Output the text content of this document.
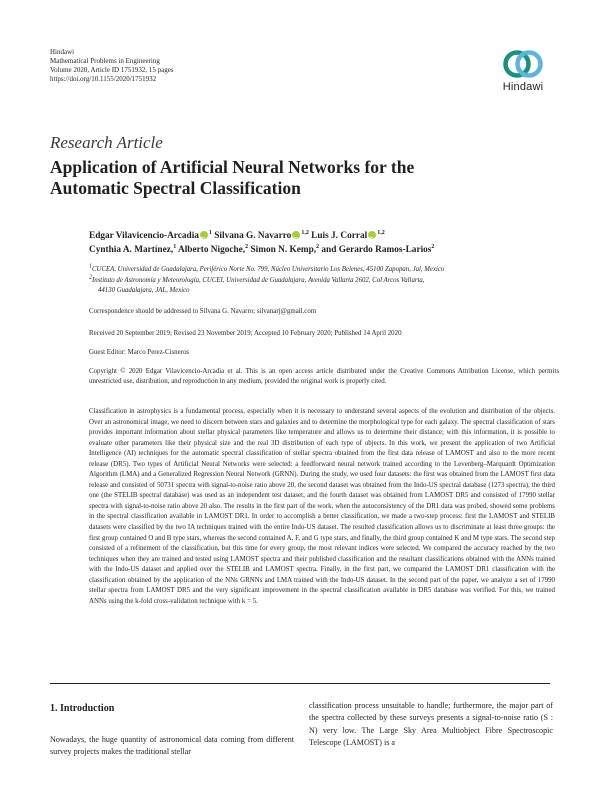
Hindawi
Mathematical Problems in Engineering
Volume 2020, Article ID 1751932, 15 pages
https://doi.org/10.1155/2020/1751932
Hindawi
Research Article
Application of Artificial Neural Networks for the Automatic Spectral Classification
Edgar Vilavicencio-Arcadia iD $^1$ Silvana G. Navarro iD $^{1,2}$ Luis J. Corral iD $^{1,2}$
Cynthia A. Martínez,$^1$ Alberto Nigoche,$^2$ Simon N. Kemp,$^2$ and Gerardo Ramos-Larios$^2$
$^1$CUCEA, Universidad de Guadalajara, Periférico Norte No. 799, Núcleo Universitario Los Belenes, 45100 Zapopan, Jal, Mexico
$^2$Instituto de Astronomía y Meteorología, CUCEI, Universidad de Guadalajara, Avenida Vallarta 2602, Col Arcos Vallarta,
44130 Guadalajara, JAL, Mexico
Correspondence should be addressed to Silvana G. Navarro; silvanarj@gmail.com
Received 20 September 2019; Revised 23 November 2019; Accepted 10 February 2020; Published 14 April 2020
Guest Editor: Marco Perez-Cisneros
Copyright © 2020 Edgar Vilavicencio-Arcadia et al. This is an open access article distributed under the Creative Commons Attribution License, which permits unrestricted use, distribution, and reproduction in any medium, provided the original work is properly cited.
Classification in astrophysics is a fundamental process, especially when it is necessary to understand several aspects of the evolution and distribution of the objects. Over an astronomical image, we need to discern between stars and galaxies and to determine the morphological type for each galaxy. The spectral classification of stars provides important information about stellar physical parameters like temperature and allows us to determine their distance; with this information, it is possible to evaluate other parameters like their physical size and the real 3D distribution of each type of objects. In this work, we present the application of two Artificial Intelligence (AI) techniques for the automatic spectral classification of stellar spectra obtained from the first data release of LAMOST and also to the more recent release (DR5). Two types of Artificial Neural Networks were selected: a feedforward neural network trained according to the Levenberg–Marquardt Optimization Algorithm (LMA) and a Generalized Regression Neural Network (GRNN). During the study, we used four datasets: the first was obtained from the LAMOST first data release and consisted of 50731 spectra with signal-to-noise ratio above 20, the second dataset was obtained from the Indo-US spectral database (1273 spectra), the third one (the STELIB spectral database) was used as an independent test dataset, and the fourth dataset was obtained from LAMOST DR5 and consisted of 17990 stellar spectra with signal-to-noise ratio above 20 also. The results in the first part of the work, when the autoconsistency of the DR1 data was probed, showed some problems in the spectral classification available in LAMOST DR1. In order to accomplish a better classification, we made a two-step process: first the LAMOST and STELIB datasets were classified by the two IA techniques trained with the entire Indo-US dataset. The resulted classification allows us to discriminate at least three groups: the first group contained O and B type stars, whereas the second contained A, F, and G type stars, and finally, the third group contained K and M type stars. The second step consisted of a refinement of the classification, but this time for every group, the most relevant indices were selected. We compared the accuracy reached by the two techniques when they are trained and tested using LAMOST spectra and their published classification and the resultant classifications obtained with the ANNs trained with the Indo-US dataset and applied over the STELIB and LAMOST spectra. Finally, in the first part, we compared the LAMOST DR1 classification with the classification obtained by the application of the NNs GRNNs and LMA trained with the Indo-US dataset. In the second part of the paper, we analyze a set of 17990 stellar spectra from LAMOST DR5 and the very significant improvement in the spectral classification available in DR5 database was verified. For this, we trained ANNs using the k-fold cross-validation technique with k = 5.
1. Introduction
Nowadays, the huge quantity of astronomical data coming from different survey projects makes the traditional stellar
classification process unsuitable to handle; furthermore, the major part of the spectra collected by these surveys presents a signal-to-noise ratio (S : N) very low. The Large Sky Area Multiobject Fibre Spectroscopic Telescope (LAMOST) is a
